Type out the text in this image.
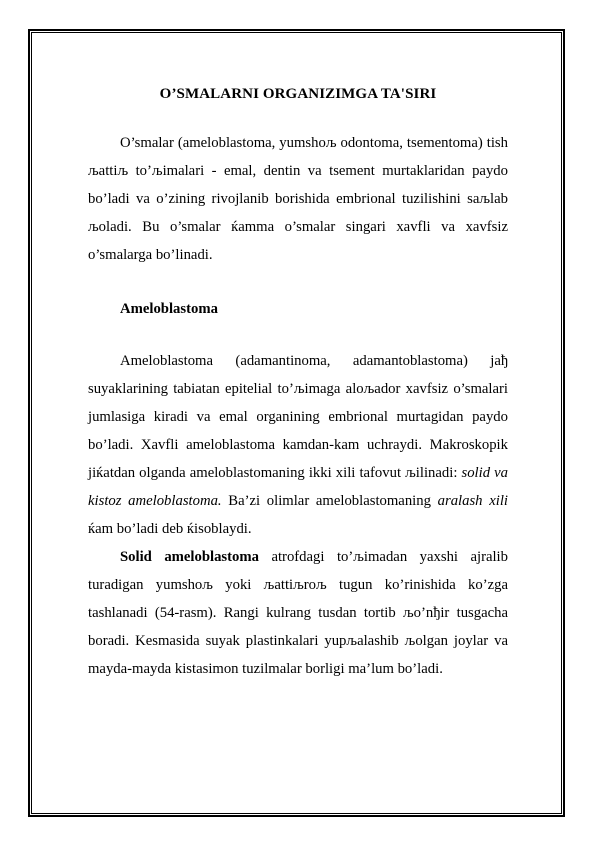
O’SMALARNI ORGANIZIMGA TA'SIRI

O’smalar (ameloblastoma, yumshoљ odontoma, tsementoma) tish љattiљ to’љimalari - emal, dentin va tsement murtaklaridan paydo bo’ladi va o’zining rivojlanib borishida embrional tuzilishini saљlab љoladi. Bu o’smalar ќamma o’smalar singari xavfli va xavfsiz o’smalarga bo’linadi.

Ameloblastoma

Ameloblastoma (adamantinoma, adamantoblastoma) jaђ suyaklarining tabiatan epitelial to’љimaga aloљador xavfsiz o’smalari jumlasiga kiradi va emal organining embrional murtagidan paydo bo’ladi. Xavfli ameloblastoma kamdan-kam uchraydi. Makroskopik jiќatdan olganda ameloblastomaning ikki xili tafovut љilinadi: solid va kistoz ameloblastoma. Ba’zi olimlar ameloblastomaning aralash xili ќam bo’ladi deb ќisoblaydi.

Solid ameloblastoma atrofdagi to’љimadan yaxshi ajralib turadigan yumshoљ yoki љattiљroљ tugun ko’rinishida ko’zga tashlanadi (54-rasm). Rangi kulrang tusdan tortib љo’nђir tusgacha boradi. Kesmasida suyak plastinkalari yupљalashib љolgan joylar va mayda-mayda kistasimon tuzilmalar borligi ma’lum bo’ladi.
